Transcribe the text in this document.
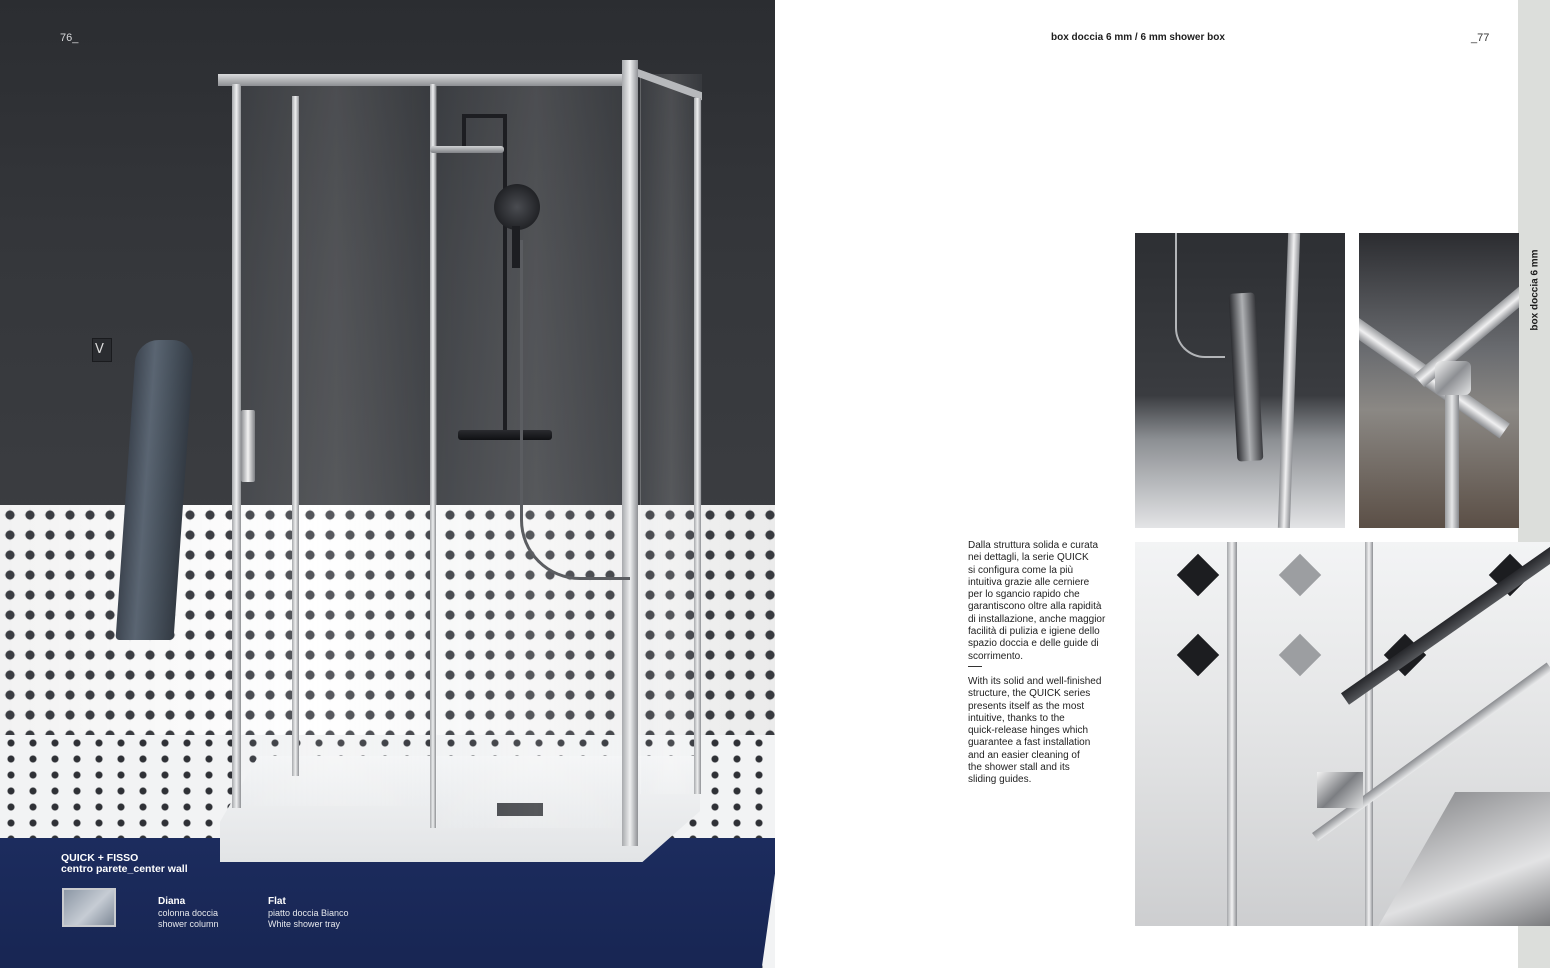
V
76_
QUICK + FISSO
centro parete_center wall
Diana
colonna doccia
shower column
Flat
piatto doccia Bianco
White shower tray
box doccia 6 mm / 6 mm shower box	_77
box doccia 6 mm
Dalla struttura solida e curata
nei dettagli, la serie QUICK
si configura come la più
intuitiva grazie alle cerniere
per lo sgancio rapido che
garantiscono oltre alla rapidità
di installazione, anche maggior
facilità di pulizia e igiene dello
spazio doccia e delle guide di
scorrimento.
With its solid and well-finished
structure, the QUICK series
presents itself as the most
intuitive, thanks to the
quick-release hinges which
guarantee a fast installation
and an easier cleaning of
the shower stall and its
sliding guides.
